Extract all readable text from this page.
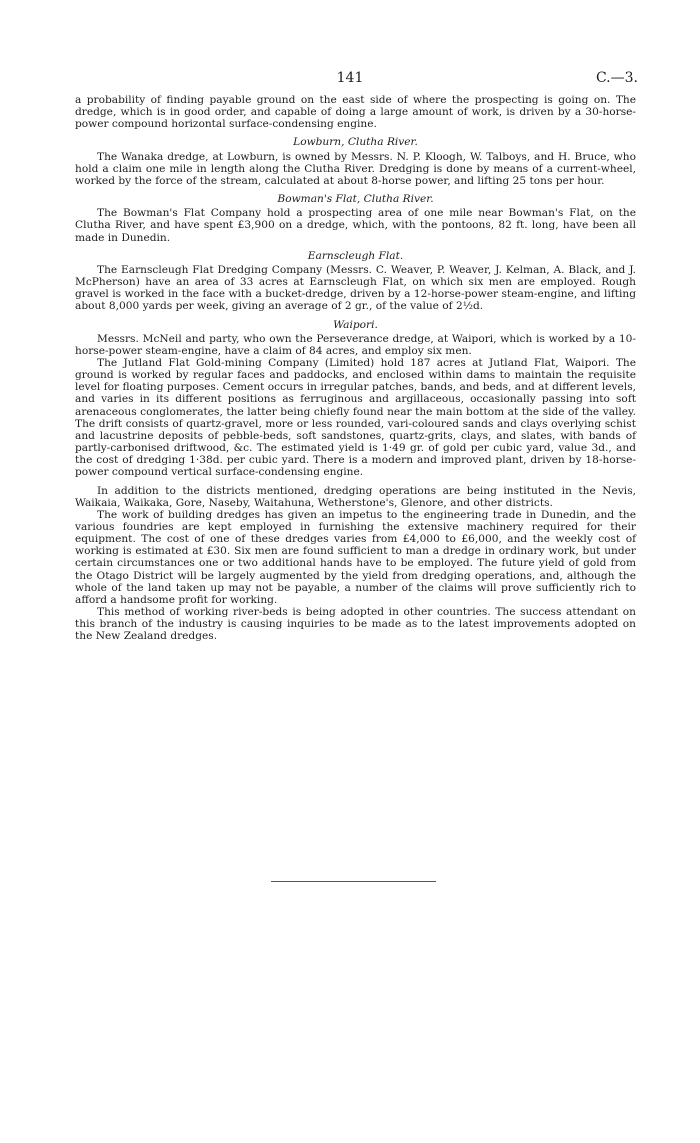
141	C.—3.

a probability of finding payable ground on the east side of where the prospecting is going on. The dredge, which is in good order, and capable of doing a large amount of work, is driven by a 30-horse-power compound horizontal surface-condensing engine.

Lowburn, Clutha River.

The Wanaka dredge, at Lowburn, is owned by Messrs. N. P. Kloogh, W. Talboys, and H. Bruce, who hold a claim one mile in length along the Clutha River. Dredging is done by means of a current-wheel, worked by the force of the stream, calculated at about 8-horse power, and lifting 25 tons per hour.

Bowman's Flat, Clutha River.

The Bowman's Flat Company hold a prospecting area of one mile near Bowman's Flat, on the Clutha River, and have spent £3,900 on a dredge, which, with the pontoons, 82 ft. long, have been all made in Dunedin.

Earnscleugh Flat.

The Earnscleugh Flat Dredging Company (Messrs. C. Weaver, P. Weaver, J. Kelman, A. Black, and J. McPherson) have an area of 33 acres at Earnscleugh Flat, on which six men are employed. Rough gravel is worked in the face with a bucket-dredge, driven by a 12-horse-power steam-engine, and lifting about 8,000 yards per week, giving an average of 2 gr., of the value of 2½d.

Waipori.

Messrs. McNeil and party, who own the Perseverance dredge, at Waipori, which is worked by a 10-horse-power steam-engine, have a claim of 84 acres, and employ six men.

The Jutland Flat Gold-mining Company (Limited) hold 187 acres at Jutland Flat, Waipori. The ground is worked by regular faces and paddocks, and enclosed within dams to maintain the requisite level for floating purposes. Cement occurs in irregular patches, bands, and beds, and at different levels, and varies in its different positions as ferruginous and argillaceous, occasionally passing into soft arenaceous conglomerates, the latter being chiefly found near the main bottom at the side of the valley. The drift consists of quartz-gravel, more or less rounded, vari-coloured sands and clays overlying schist and lacustrine deposits of pebble-beds, soft sandstones, quartz-grits, clays, and slates, with bands of partly-carbonised driftwood, &c. The estimated yield is 1·49 gr. of gold per cubic yard, value 3d., and the cost of dredging 1·38d. per cubic yard. There is a modern and improved plant, driven by 18-horse-power compound vertical surface-condensing engine.

In addition to the districts mentioned, dredging operations are being instituted in the Nevis, Waikaia, Waikaka, Gore, Naseby, Waitahuna, Wetherstone's, Glenore, and other districts.

The work of building dredges has given an impetus to the engineering trade in Dunedin, and the various foundries are kept employed in furnishing the extensive machinery required for their equipment. The cost of one of these dredges varies from £4,000 to £6,000, and the weekly cost of working is estimated at £30. Six men are found sufficient to man a dredge in ordinary work, but under certain circumstances one or two additional hands have to be employed. The future yield of gold from the Otago District will be largely augmented by the yield from dredging operations, and, although the whole of the land taken up may not be payable, a number of the claims will prove sufficiently rich to afford a handsome profit for working.

This method of working river-beds is being adopted in other countries. The success attendant on this branch of the industry is causing inquiries to be made as to the latest improvements adopted on the New Zealand dredges.
